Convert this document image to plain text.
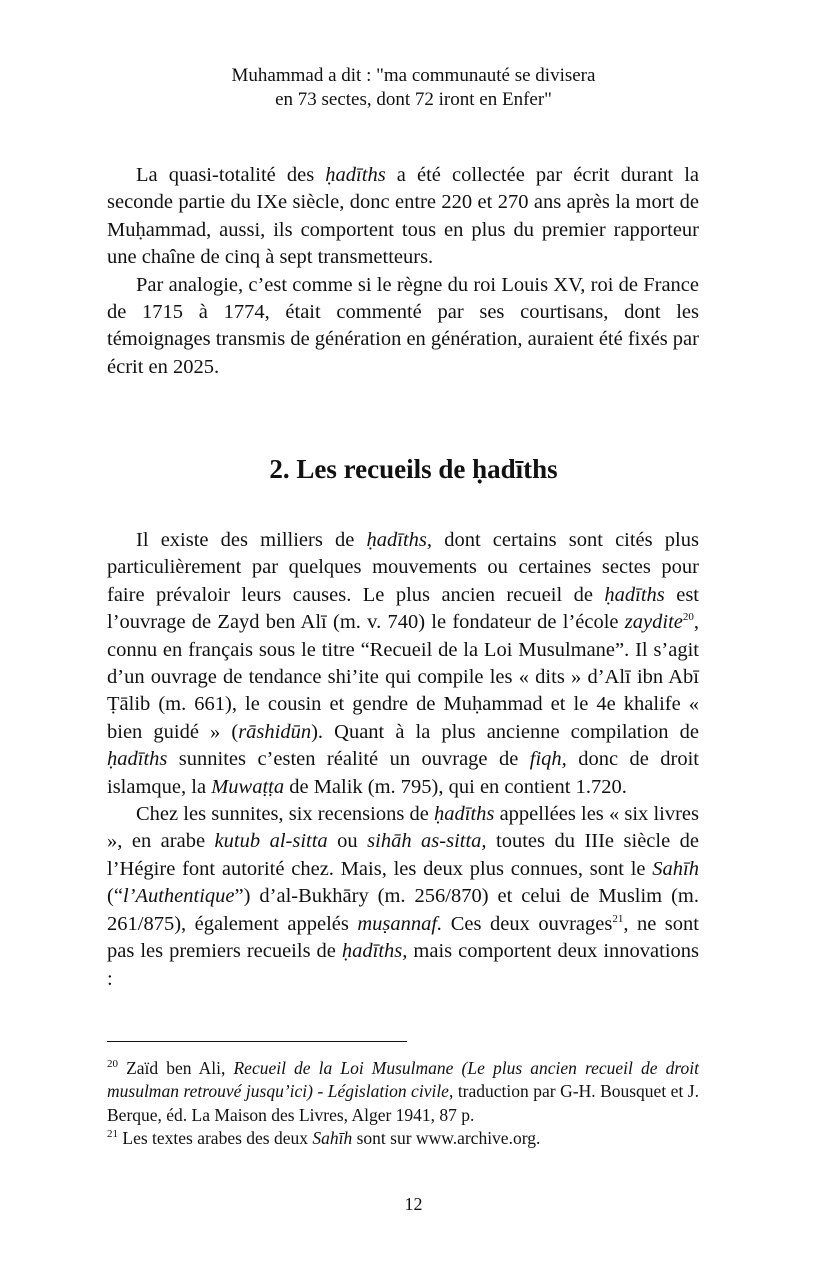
Muhammad a dit : "ma communauté se divisera
en 73 sectes, dont 72 iront en Enfer"

La quasi-totalité des ḥadīths a été collectée par écrit durant la seconde partie du IXe siècle, donc entre 220 et 270 ans après la mort de Muḥammad, aussi, ils comportent tous en plus du premier rapporteur une chaîne de cinq à sept transmetteurs.

Par analogie, c’est comme si le règne du roi Louis XV, roi de France de 1715 à 1774, était commenté par ses courtisans, dont les témoignages transmis de génération en génération, auraient été fixés par écrit en 2025.

2. Les recueils de ḥadīths

Il existe des milliers de ḥadīths, dont certains sont cités plus particulièrement par quelques mouvements ou certaines sectes pour faire prévaloir leurs causes. Le plus ancien recueil de ḥadīths est l’ouvrage de Zayd ben Alī (m. v. 740) le fondateur de l’école zaydite$^{20}$, connu en français sous le titre “Recueil de la Loi Musulmane”. Il s’agit d’un ouvrage de tendance shi’ite qui compile les « dits » d’Alī ibn Abī Ṭālib (m. 661), le cousin et gendre de Muḥammad et le 4e khalife « bien guidé » (rāshidūn). Quant à la plus ancienne compilation de ḥadīths sunnites c’esten réalité un ouvrage de fiqh, donc de droit islamque, la Muwaṭṭa de Malik (m. 795), qui en contient 1.720.

Chez les sunnites, six recensions de ḥadīths appellées les « six livres », en arabe kutub al-sitta ou sihāh as-sitta, toutes du IIIe siècle de l’Hégire font autorité chez. Mais, les deux plus connues, sont le Sahīh (“l’Authentique”) d’al-Bukhāry (m. 256/870) et celui de Muslim (m. 261/875), également appelés muṣannaf. Ces deux ouvrages$^{21}$, ne sont pas les premiers recueils de ḥadīths, mais comportent deux innovations :

$^{20}$ Zaïd ben Ali, Recueil de la Loi Musulmane (Le plus ancien recueil de droit musulman retrouvé jusqu’ici) - Législation civile, traduction par G-H. Bousquet et J. Berque, éd. La Maison des Livres, Alger 1941, 87 p.

$^{21}$ Les textes arabes des deux Sahīh sont sur www.archive.org.

12
